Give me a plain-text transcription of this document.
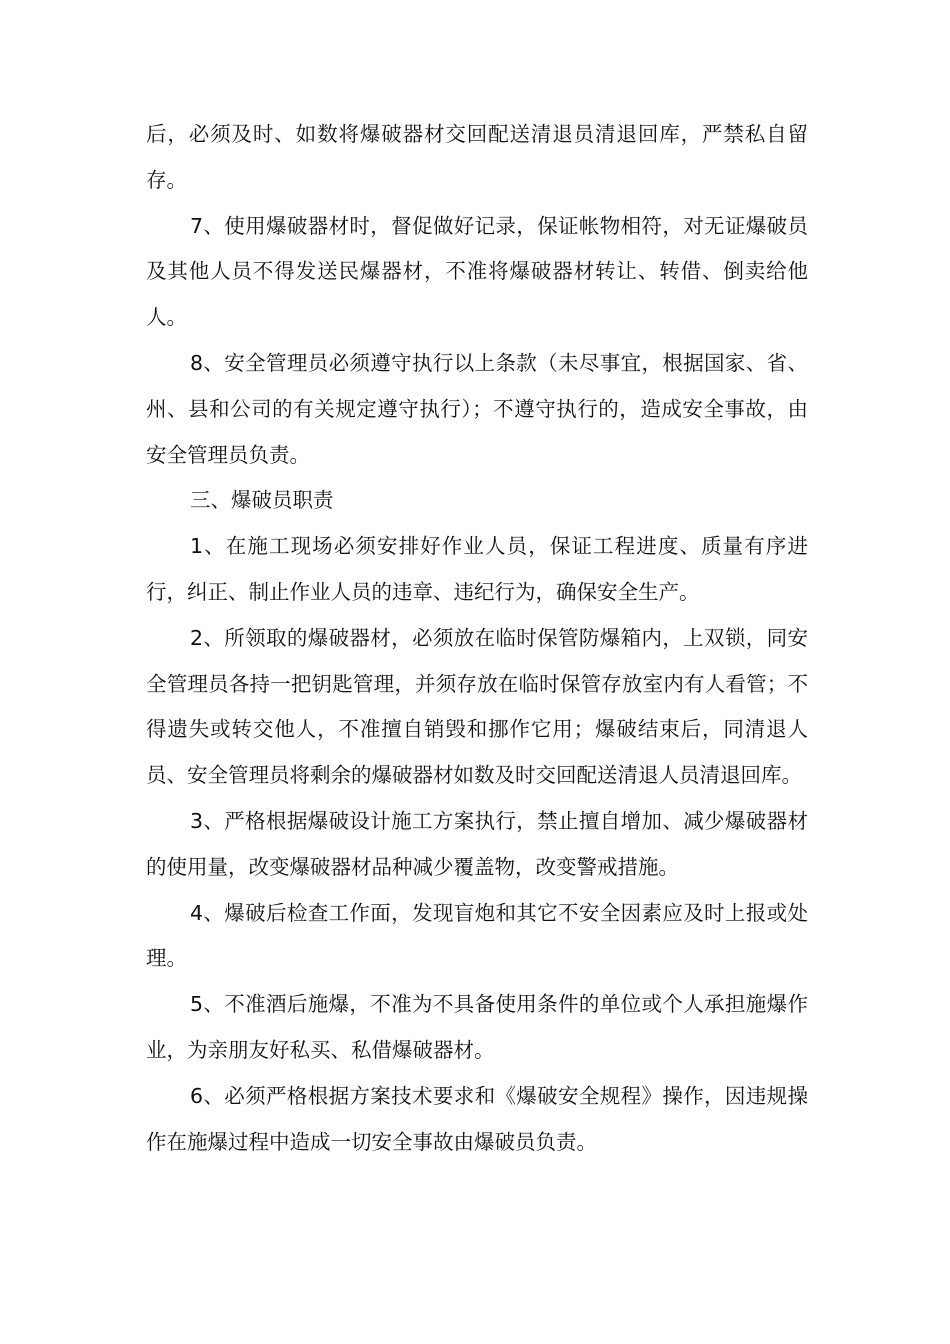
后，必须及时、如数将爆破器材交回配送清退员清退回库，严禁私自留存。

7、使用爆破器材时，督促做好记录，保证帐物相符，对无证爆破员及其他人员不得发送民爆器材，不准将爆破器材转让、转借、倒卖给他人。

8、安全管理员必须遵守执行以上条款（未尽事宜，根据国家、省、州、县和公司的有关规定遵守执行）；不遵守执行的，造成安全事故，由安全管理员负责。

三、爆破员职责

1、在施工现场必须安排好作业人员，保证工程进度、质量有序进行，纠正、制止作业人员的违章、违纪行为，确保安全生产。

2、所领取的爆破器材，必须放在临时保管防爆箱内，上双锁，同安全管理员各持一把钥匙管理，并须存放在临时保管存放室内有人看管；不得遗失或转交他人，不准擅自销毁和挪作它用；爆破结束后，同清退人员、安全管理员将剩余的爆破器材如数及时交回配送清退人员清退回库。

3、严格根据爆破设计施工方案执行，禁止擅自增加、减少爆破器材的使用量，改变爆破器材品种减少覆盖物，改变警戒措施。

4、爆破后检查工作面，发现盲炮和其它不安全因素应及时上报或处理。

5、不准酒后施爆，不准为不具备使用条件的单位或个人承担施爆作业，为亲朋友好私买、私借爆破器材。

6、必须严格根据方案技术要求和《爆破安全规程》操作，因违规操作在施爆过程中造成一切安全事故由爆破员负责。
